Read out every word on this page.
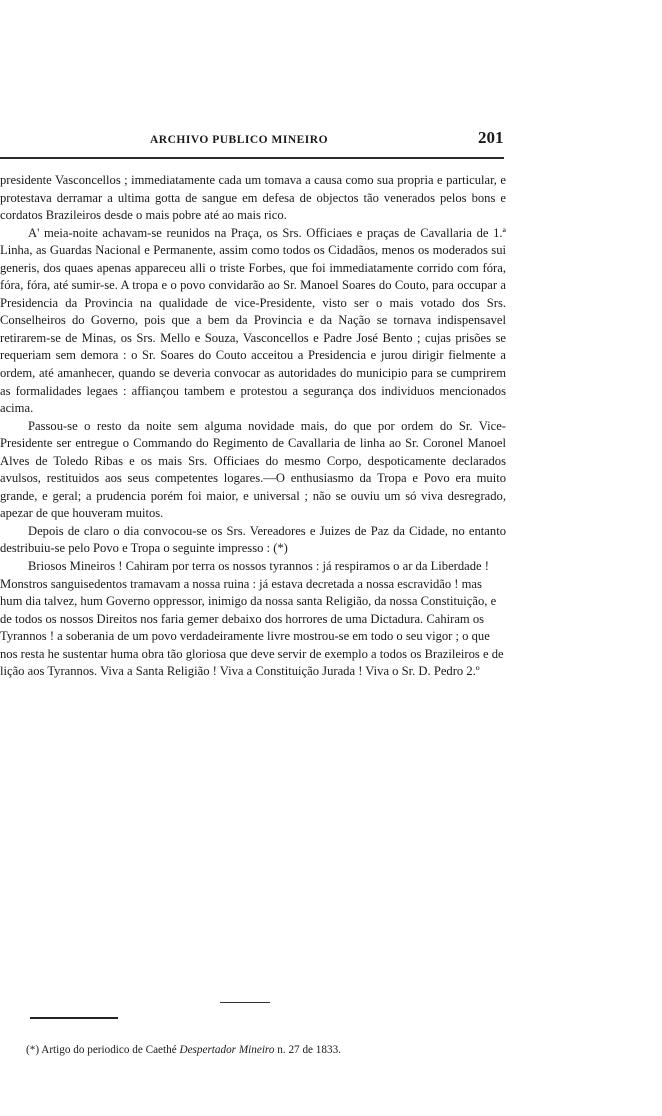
ARCHIVO PUBLICO MINEIRO	201

presidente Vasconcellos ; immediatamente cada um tomava a causa como sua propria e particular, e protestava derramar a ultima gotta de sangue em defesa de objectos tão venerados pelos bons e cordatos Brazileiros desde o mais pobre até ao mais rico.

A' meia-noite achavam-se reunidos na Praça, os Srs. Officiaes e praças de Cavallaria de 1.ª Linha, as Guardas Nacional e Permanente, assim como todos os Cidadãos, menos os moderados sui generis, dos quaes apenas appareceu alli o triste Forbes, que foi immediatamente corrido com fóra, fóra, fóra, até sumir-se. A tropa e o povo convidarão ao Sr. Manoel Soares do Couto, para occupar a Presidencia da Provincia na qualidade de vice-Presidente, visto ser o mais votado dos Srs. Conselheiros do Governo, pois que a bem da Provincia e da Nação se tornava indispensavel retirarem-se de Minas, os Srs. Mello e Souza, Vasconcellos e Padre José Bento ; cujas prisões se requeriam sem demora : o Sr. Soares do Couto acceitou a Presidencia e jurou dirigir fielmente a ordem, até amanhecer, quando se deveria convocar as autoridades do municipio para se cumprirem as formalidades legaes : affiançou tambem e protestou a segurança dos individuos mencionados acima.

Passou-se o resto da noite sem alguma novidade mais, do que por ordem do Sr. Vice-Presidente ser entregue o Commando do Regimento de Cavallaria de linha ao Sr. Coronel Manoel Alves de Toledo Ribas e os mais Srs. Officiaes do mesmo Corpo, despoticamente declarados avulsos, restituidos aos seus competentes logares.—O enthusiasmo da Tropa e Povo era muito grande, e geral; a prudencia porém foi maior, e universal ; não se ouviu um só viva desregrado, apezar de que houveram muitos.

Depois de claro o dia convocou-se os Srs. Vereadores e Juizes de Paz da Cidade, no entanto destribuiu-se pelo Povo e Tropa o seguinte impresso : (*)

Briosos Mineiros ! Cahiram por terra os nossos tyrannos : já respiramos o ar da Liberdade ! Monstros sanguisedentos tramavam a nossa ruina : já estava decretada a nossa escravidão ! mas hum dia talvez, hum Governo oppressor, inimigo da nossa santa Religião, da nossa Constituição, e de todos os nossos Direitos nos faria gemer debaixo dos horrores de uma Dictadura. Cahiram os Tyrannos ! a soberania de um povo verdadeiramente livre mostrou-se em todo o seu vigor ; o que nos resta he sustentar huma obra tão gloriosa que deve servir de exemplo a todos os Brazileiros e de lição aos Tyrannos. Viva a Santa Religião ! Viva a Constituição Jurada ! Viva o Sr. D. Pedro 2.º

(*) Artigo do periodico de Caethé Despertador Mineiro n. 27 de 1833.
